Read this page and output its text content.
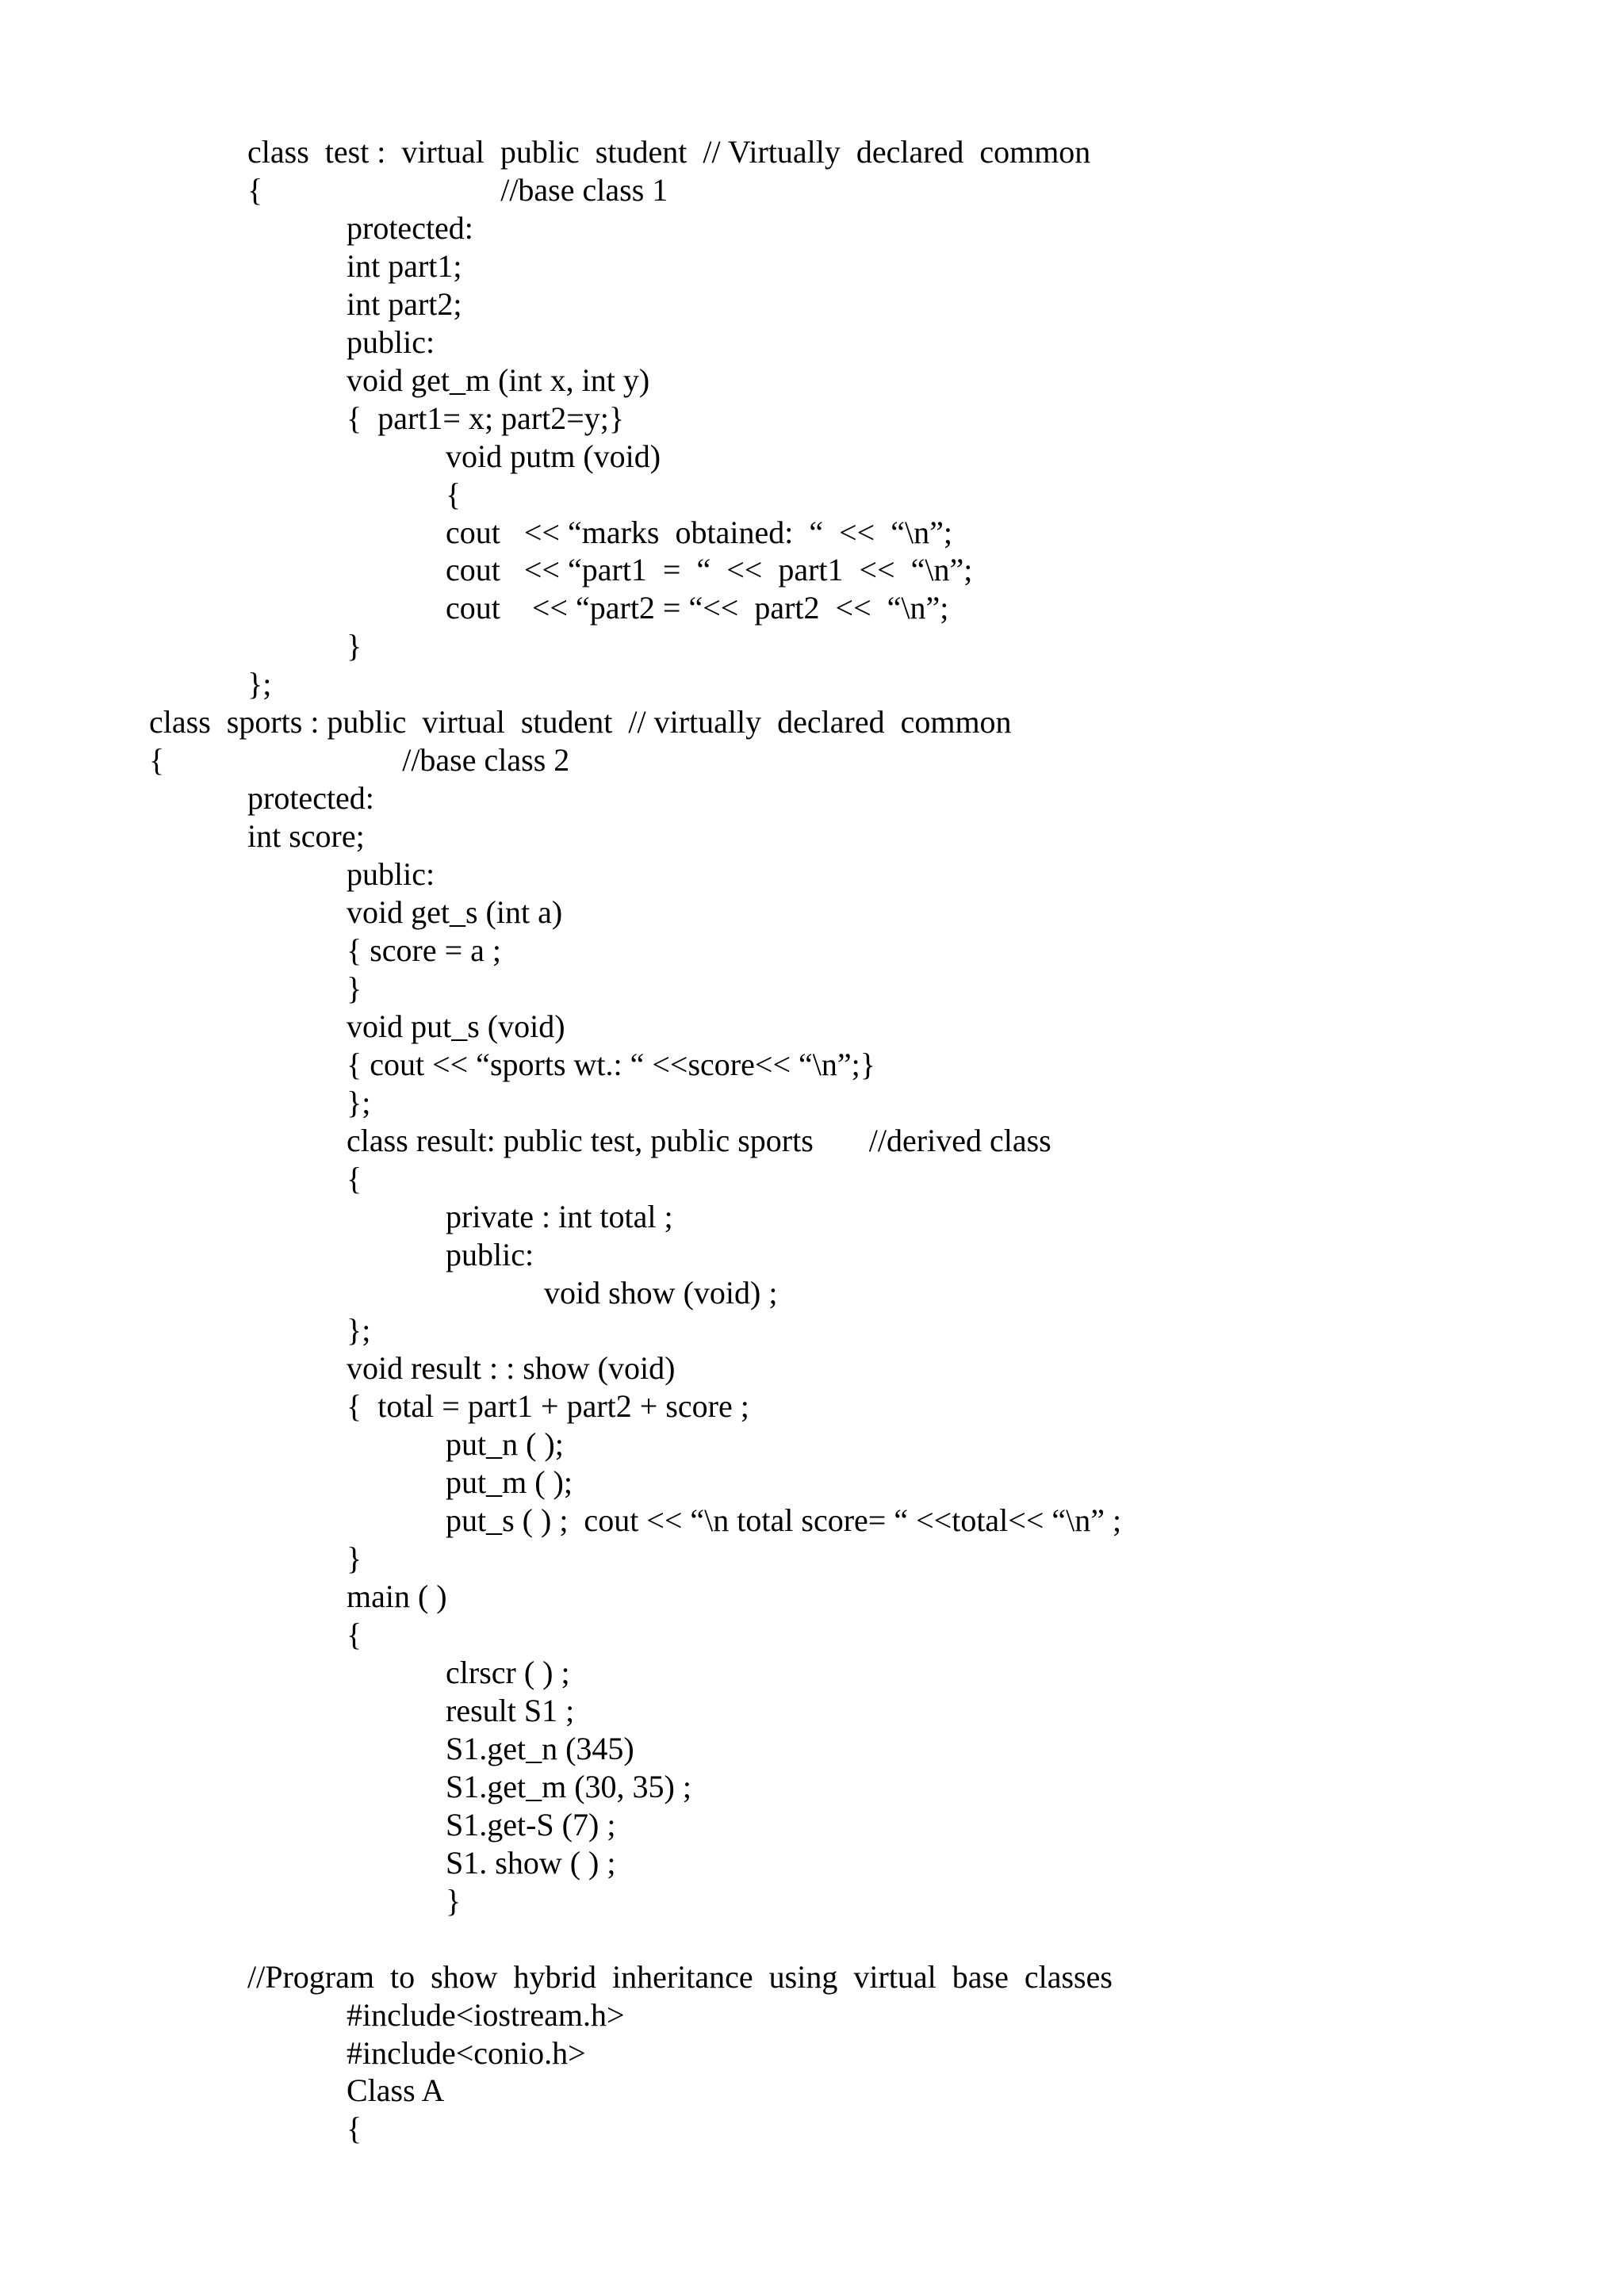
class  test :  virtual  public  student  // Virtually  declared  common
{                              //base class 1
protected:
int part1;
int part2;
public:
void get_m (int x, int y)
{  part1= x; part2=y;}
void putm (void)
{
cout   << “marks  obtained:  “  <<  “\n”;
cout   << “part1  =  “  <<  part1  <<  “\n”;
cout    << “part2 = “<<  part2  <<  “\n”;
}
};
class  sports : public  virtual  student  // virtually  declared  common
{                              //base class 2
protected:
int score;
public:
void get_s (int a)
{ score = a ;
}
void put_s (void)
{ cout << “sports wt.: “ <<score<< “\n”;}
};
class result: public test, public sports       //derived class
{
private : int total ;
public:
void show (void) ;
};
void result : : show (void)
{  total = part1 + part2 + score ;
put_n ( );
put_m ( );
put_s ( ) ;  cout << “\n total score= “ <<total<< “\n” ;
}
main ( )
{
clrscr ( ) ;
result S1 ;
S1.get_n (345)
S1.get_m (30, 35) ;
S1.get-S (7) ;
S1. show ( ) ;
}
//Program  to  show  hybrid  inheritance  using  virtual  base  classes
#include<iostream.h>
#include<conio.h>
Class A
{
